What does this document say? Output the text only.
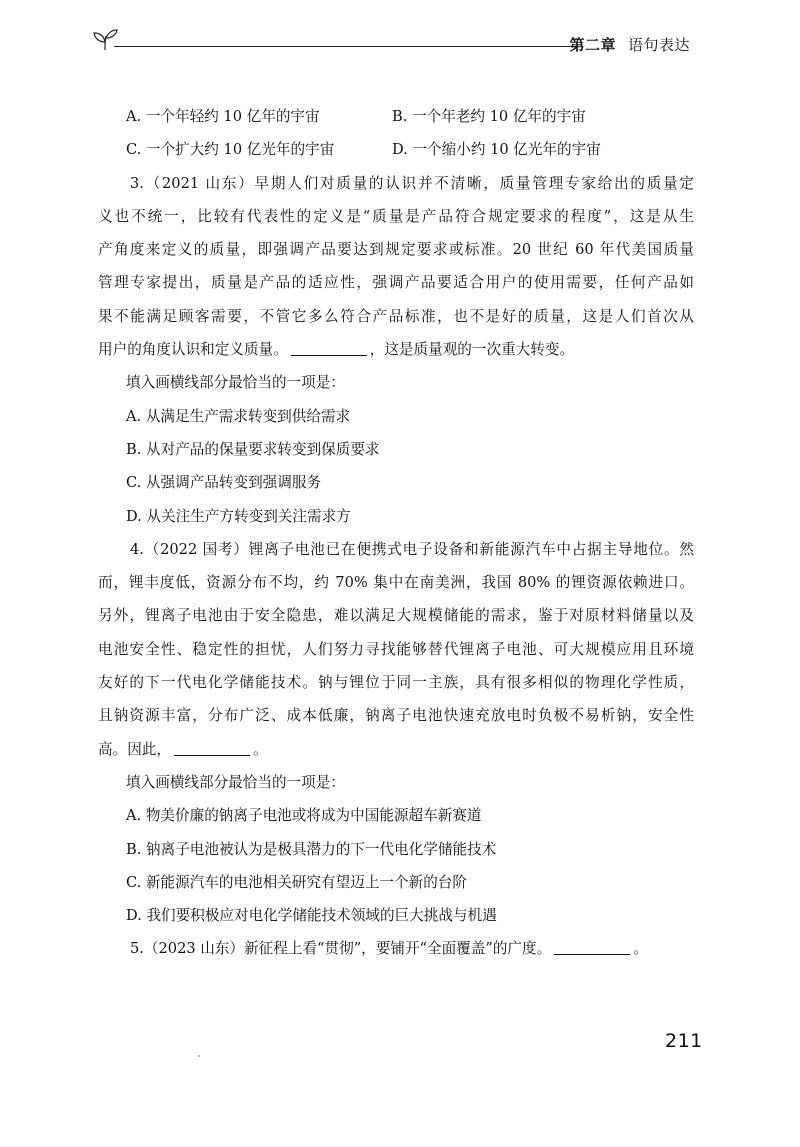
第二章 语句表达
A. 一个年轻约 10 亿年的宇宙	B. 一个年老约 10 亿年的宇宙
C. 一个扩大约 10 亿光年的宇宙	D. 一个缩小约 10 亿光年的宇宙
3.（2021 山东）早期人们对质量的认识并不清晰，质量管理专家给出的质量定
义也不统一，比较有代表性的定义是“质量是产品符合规定要求的程度”，这是从生
产角度来定义的质量，即强调产品要达到规定要求或标准。20 世纪 60 年代美国质量
管理专家提出，质量是产品的适应性，强调产品要适合用户的使用需要，任何产品如
果不能满足顾客需要，不管它多么符合产品标准，也不是好的质量，这是人们首次从
用户的角度认识和定义质量。	，这是质量观的一次重大转变。
填入画横线部分最恰当的一项是：
A. 从满足生产需求转变到供给需求
B. 从对产品的保量要求转变到保质要求
C. 从强调产品转变到强调服务
D. 从关注生产方转变到关注需求方
4.（2022 国考）锂离子电池已在便携式电子设备和新能源汽车中占据主导地位。然
而，锂丰度低，资源分布不均，约 70% 集中在南美洲，我国 80% 的锂资源依赖进口。
另外，锂离子电池由于安全隐患，难以满足大规模储能的需求，鉴于对原材料储量以及
电池安全性、稳定性的担忧，人们努力寻找能够替代锂离子电池、可大规模应用且环境
友好的下一代电化学储能技术。钠与锂位于同一主族，具有很多相似的物理化学性质，
且钠资源丰富，分布广泛、成本低廉，钠离子电池快速充放电时负极不易析钠，安全性
高。因此，	。
填入画横线部分最恰当的一项是：
A. 物美价廉的钠离子电池或将成为中国能源超车新赛道
B. 钠离子电池被认为是极具潜力的下一代电化学储能技术
C. 新能源汽车的电池相关研究有望迈上一个新的台阶
D. 我们要积极应对电化学储能技术领域的巨大挑战与机遇
5.（2023 山东）新征程上看“贯彻”，要铺开“全面覆盖”的广度。	。
211
